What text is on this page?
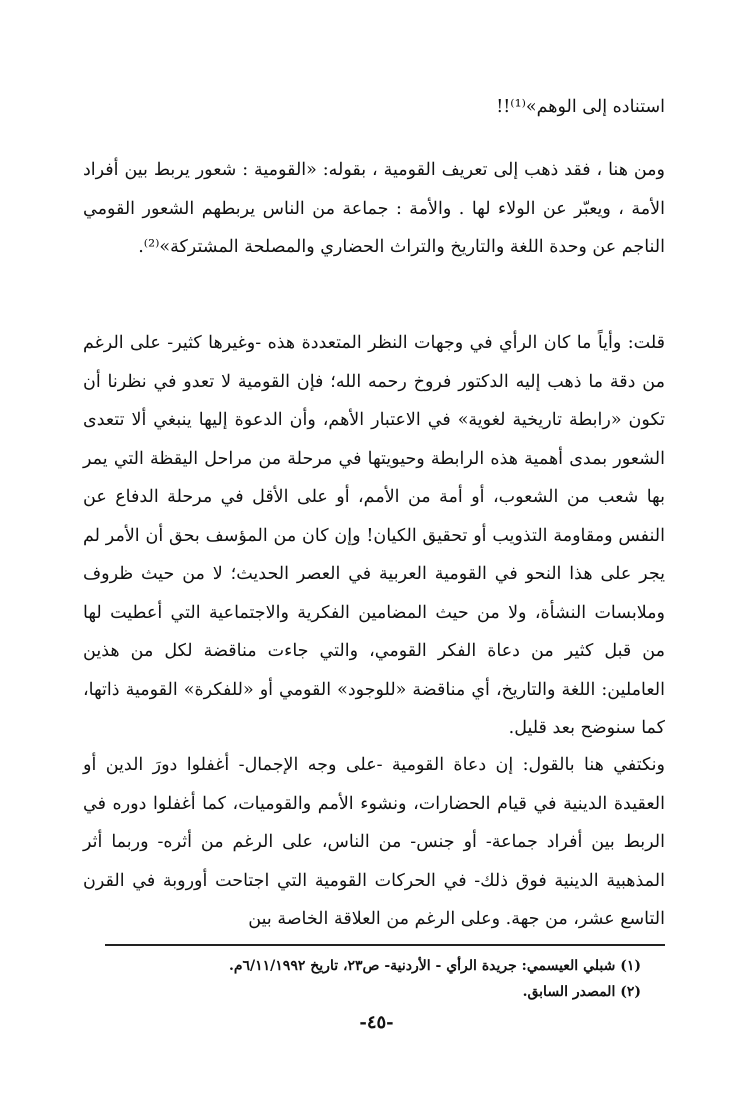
استناده إلى الوهم»⁽¹⁾!!

ومن هنا ، فقد ذهب إلى تعريف القومية ، بقوله: «القومية : شعور يربط بين أفراد الأمة ، ويعبّر عن الولاء لها . والأمة : جماعة من الناس يربطهم الشعور القومي الناجم عن وحدة اللغة والتاريخ والتراث الحضاري والمصلحة المشتركة»⁽²⁾.

قلت: وأياً ما كان الرأي في وجهات النظر المتعددة هذه -وغيرها كثير- على الرغم من دقة ما ذهب إليه الدكتور فروخ رحمه الله؛ فإن القومية لا تعدو في نظرنا أن تكون «رابطة تاريخية لغوية» في الاعتبار الأهم، وأن الدعوة إليها ينبغي ألا تتعدى الشعور بمدى أهمية هذه الرابطة وحيويتها في مرحلة من مراحل اليقظة التي يمر بها شعب من الشعوب، أو أمة من الأمم، أو على الأقل في مرحلة الدفاع عن النفس ومقاومة التذويب أو تحقيق الكيان! وإن كان من المؤسف بحق أن الأمر لم يجر على هذا النحو في القومية العربية في العصر الحديث؛ لا من حيث ظروف وملابسات النشأة، ولا من حيث المضامين الفكرية والاجتماعية التي أعطيت لها من قبل كثير من دعاة الفكر القومي، والتي جاءت مناقضة لكل من هذين العاملين: اللغة والتاريخ، أي مناقضة «للوجود» القومي أو «للفكرة» القومية ذاتها، كما سنوضح بعد قليل.

ونكتفي هنا بالقول: إن دعاة القومية -على وجه الإجمال- أغفلوا دورَ الدين أو العقيدة الدينية في قيام الحضارات، ونشوء الأمم والقوميات، كما أغفلوا دوره في الربط بين أفراد جماعة- أو جنس- من الناس، على الرغم من أثره- وربما أثر المذهبية الدينية فوق ذلك- في الحركات القومية التي اجتاحت أوروبة في القرن التاسع عشر، من جهة. وعلى الرغم من العلاقة الخاصة بين

(١) شبلي العيسمي: جريدة الرأي - الأردنية- ص٢٣، تاريخ ٦/١١/١٩٩٢م.
(٢) المصدر السابق.
-٤٥-
